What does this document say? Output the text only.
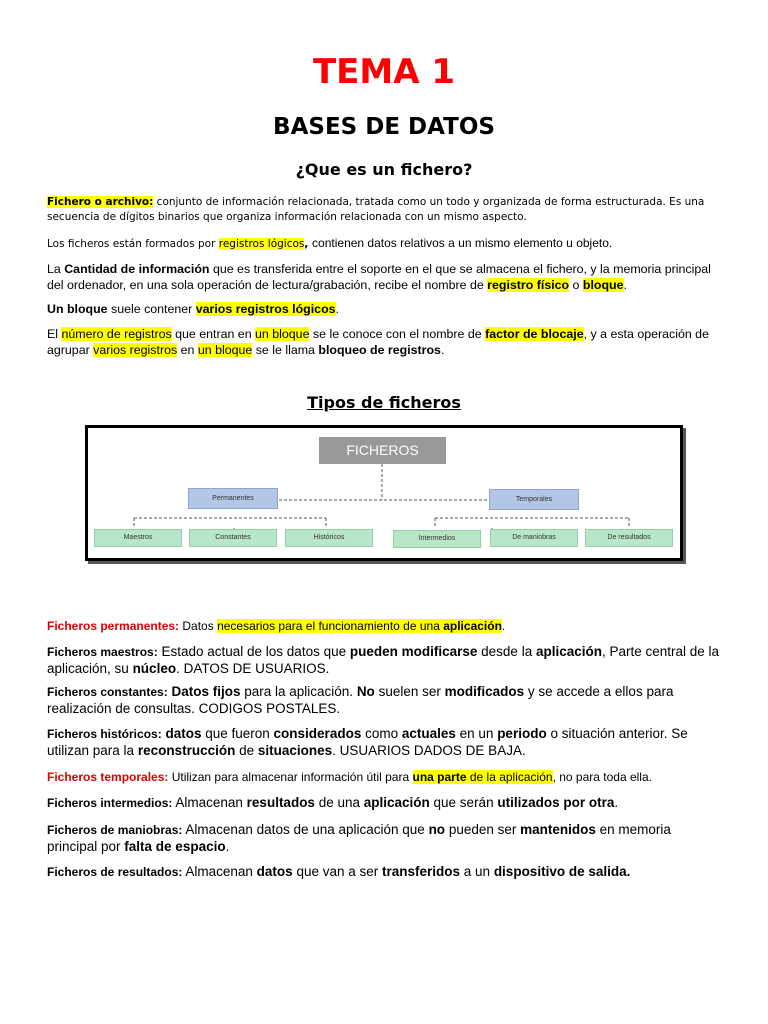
TEMA 1
BASES DE DATOS
¿Que es un fichero?

Fichero o archivo: conjunto de información relacionada, tratada como un todo y organizada de forma estructurada. Es una secuencia de dígitos binarios que organiza información relacionada con un mismo aspecto.

Los ficheros están formados por registros lógicos, contienen datos relativos a un mismo elemento u objeto.

La Cantidad de información que es transferida entre el soporte en el que se almacena el fichero, y la memoria principal del ordenador, en una sola operación de lectura/grabación, recibe el nombre de registro físico o bloque.

Un bloque suele contener varios registros lógicos.

El número de registros que entran en un bloque se le conoce con el nombre de factor de blocaje, y a esta operación de agrupar varios registros en un bloque se le llama bloqueo de registros.

Tipos de ficheros
FICHEROS
Permanentes	Temporales
Maestros	Constantes	Históricos	Intermedios	De maniobras	De resultados

Ficheros permanentes: Datos necesarios para el funcionamiento de una aplicación.

Ficheros maestros: Estado actual de los datos que pueden modificarse desde la aplicación, Parte central de la aplicación, su núcleo. DATOS DE USUARIOS.

Ficheros constantes: Datos fijos para la aplicación. No suelen ser modificados y se accede a ellos para realización de consultas. CODIGOS POSTALES.

Ficheros históricos: datos que fueron considerados como actuales en un periodo o situación anterior. Se utilizan para la reconstrucción de situaciones. USUARIOS DADOS DE BAJA.

Ficheros temporales: Utilizan para almacenar información útil para una parte de la aplicación, no para toda ella.

Ficheros intermedios: Almacenan resultados de una aplicación que serán utilizados por otra.

Ficheros de maniobras: Almacenan datos de una aplicación que no pueden ser mantenidos en memoria principal por falta de espacio.

Ficheros de resultados: Almacenan datos que van a ser transferidos a un dispositivo de salida.
